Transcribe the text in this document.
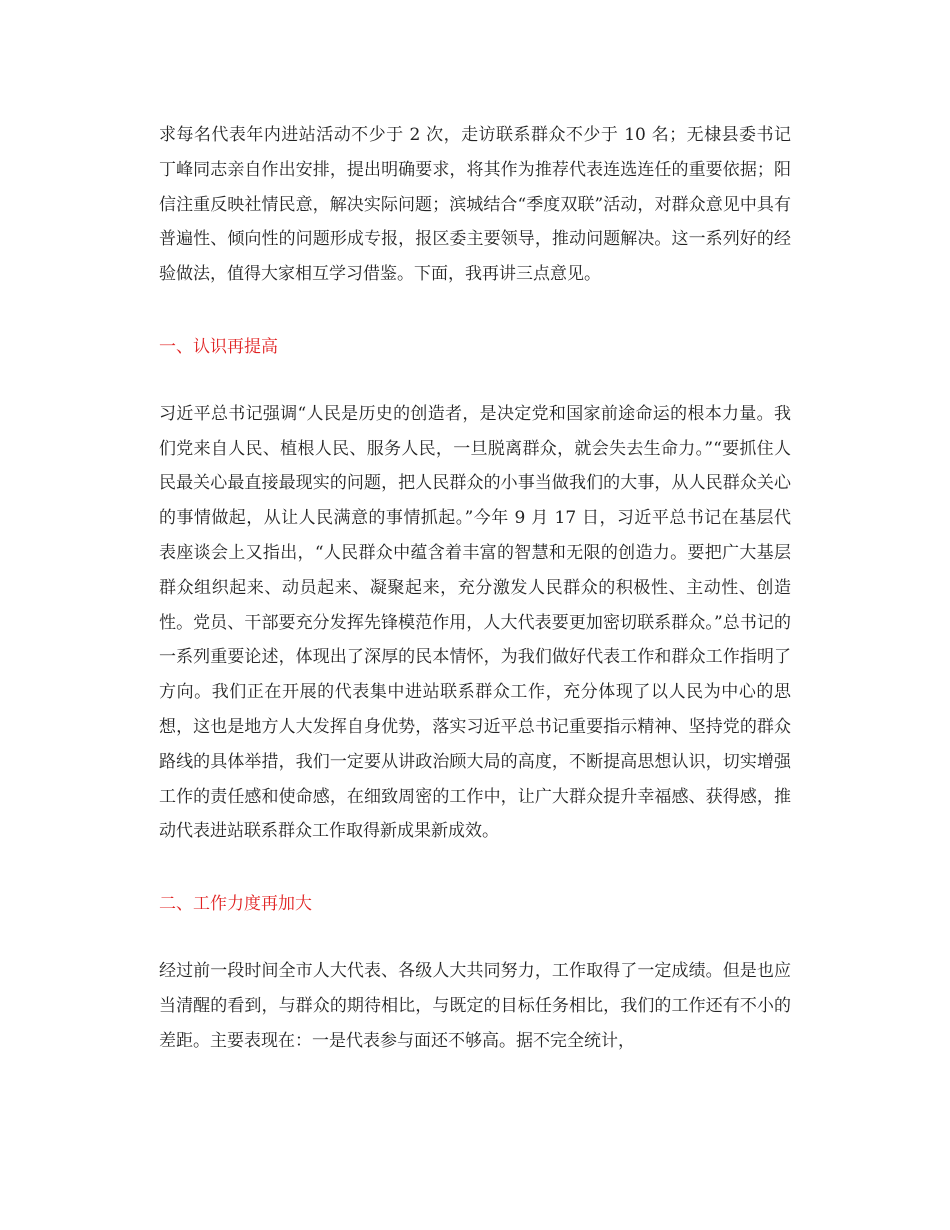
求每名代表年内进站活动不少于 2 次，走访联系群众不少于 10 名；无棣县委书记丁峰同志亲自作出安排，提出明确要求，将其作为推荐代表连选连任的重要依据；阳信注重反映社情民意，解决实际问题；滨城结合“季度双联”活动，对群众意见中具有普遍性、倾向性的问题形成专报，报区委主要领导，推动问题解决。这一系列好的经验做法，值得大家相互学习借鉴。下面，我再讲三点意见。

一、认识再提高

习近平总书记强调“人民是历史的创造者，是决定党和国家前途命运的根本力量。我们党来自人民、植根人民、服务人民，一旦脱离群众，就会失去生命力。”“要抓住人民最关心最直接最现实的问题，把人民群众的小事当做我们的大事，从人民群众关心的事情做起，从让人民满意的事情抓起。”今年 9 月 17 日，习近平总书记在基层代表座谈会上又指出，“人民群众中蕴含着丰富的智慧和无限的创造力。要把广大基层群众组织起来、动员起来、凝聚起来，充分激发人民群众的积极性、主动性、创造性。党员、干部要充分发挥先锋模范作用，人大代表要更加密切联系群众。”总书记的一系列重要论述，体现出了深厚的民本情怀，为我们做好代表工作和群众工作指明了方向。我们正在开展的代表集中进站联系群众工作，充分体现了以人民为中心的思想，这也是地方人大发挥自身优势，落实习近平总书记重要指示精神、坚持党的群众路线的具体举措，我们一定要从讲政治顾大局的高度，不断提高思想认识，切实增强工作的责任感和使命感，在细致周密的工作中，让广大群众提升幸福感、获得感，推动代表进站联系群众工作取得新成果新成效。

二、工作力度再加大

经过前一段时间全市人大代表、各级人大共同努力，工作取得了一定成绩。但是也应当清醒的看到，与群众的期待相比，与既定的目标任务相比，我们的工作还有不小的差距。主要表现在：一是代表参与面还不够高。据不完全统计，
